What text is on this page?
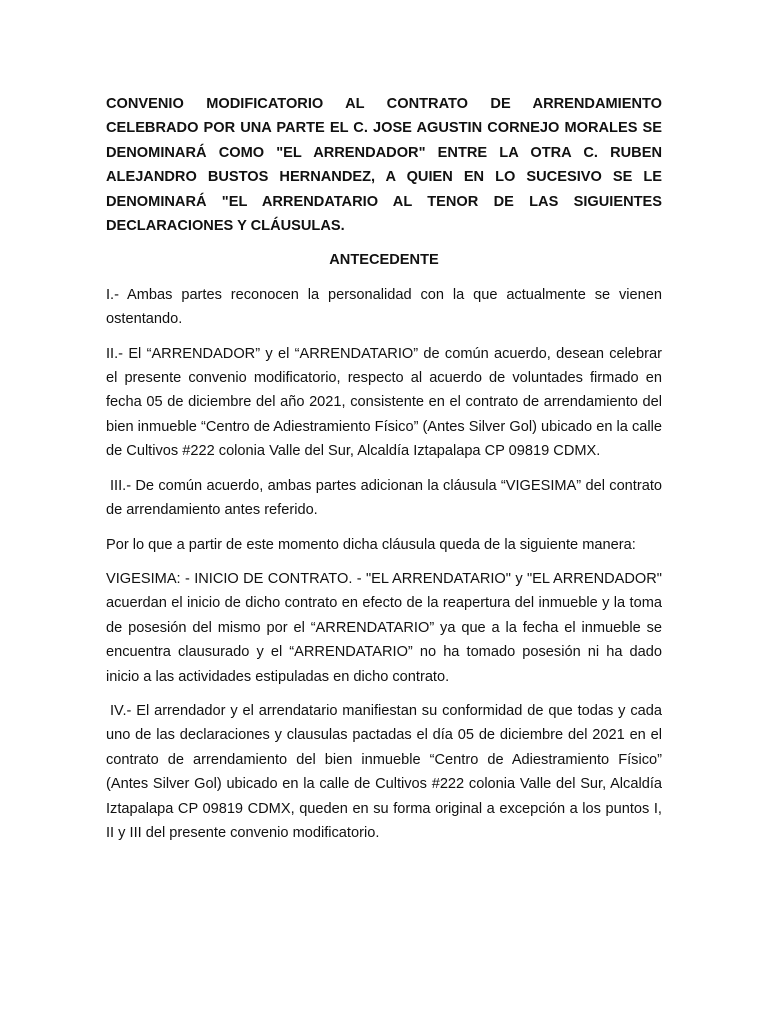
CONVENIO MODIFICATORIO AL CONTRATO DE ARRENDAMIENTO CELEBRADO POR UNA PARTE EL C. JOSE AGUSTIN CORNEJO MORALES SE DENOMINARÁ COMO "EL ARRENDADOR" ENTRE LA OTRA C. RUBEN ALEJANDRO BUSTOS HERNANDEZ, A QUIEN EN LO SUCESIVO SE LE DENOMINARÁ "EL ARRENDATARIO AL TENOR DE LAS SIGUIENTES DECLARACIONES Y CLÁUSULAS.

ANTECEDENTE

I.- Ambas partes reconocen la personalidad con la que actualmente se vienen ostentando.

II.- El “ARRENDADOR” y el “ARRENDATARIO” de común acuerdo, desean celebrar el presente convenio modificatorio, respecto al acuerdo de voluntades firmado en fecha 05 de diciembre del año 2021, consistente en el contrato de arrendamiento del bien inmueble “Centro de Adiestramiento Físico” (Antes Silver Gol) ubicado en la calle de Cultivos #222 colonia Valle del Sur, Alcaldía Iztapalapa CP 09819 CDMX.

III.- De común acuerdo, ambas partes adicionan la cláusula “VIGESIMA” del contrato de arrendamiento antes referido.

Por lo que a partir de este momento dicha cláusula queda de la siguiente manera:

VIGESIMA: - INICIO DE CONTRATO. - "EL ARRENDATARIO" y "EL ARRENDADOR" acuerdan el inicio de dicho contrato en efecto de la reapertura del inmueble y la toma de posesión del mismo por el “ARRENDATARIO” ya que a la fecha el inmueble se encuentra clausurado y el “ARRENDATARIO” no ha tomado posesión ni ha dado inicio a las actividades estipuladas en dicho contrato.

IV.- El arrendador y el arrendatario manifiestan su conformidad de que todas y cada uno de las declaraciones y clausulas pactadas el día 05 de diciembre del 2021 en el contrato de arrendamiento del bien inmueble “Centro de Adiestramiento Físico” (Antes Silver Gol) ubicado en la calle de Cultivos #222 colonia Valle del Sur, Alcaldía Iztapalapa CP 09819 CDMX, queden en su forma original a excepción a los puntos I, II y III del presente convenio modificatorio.
